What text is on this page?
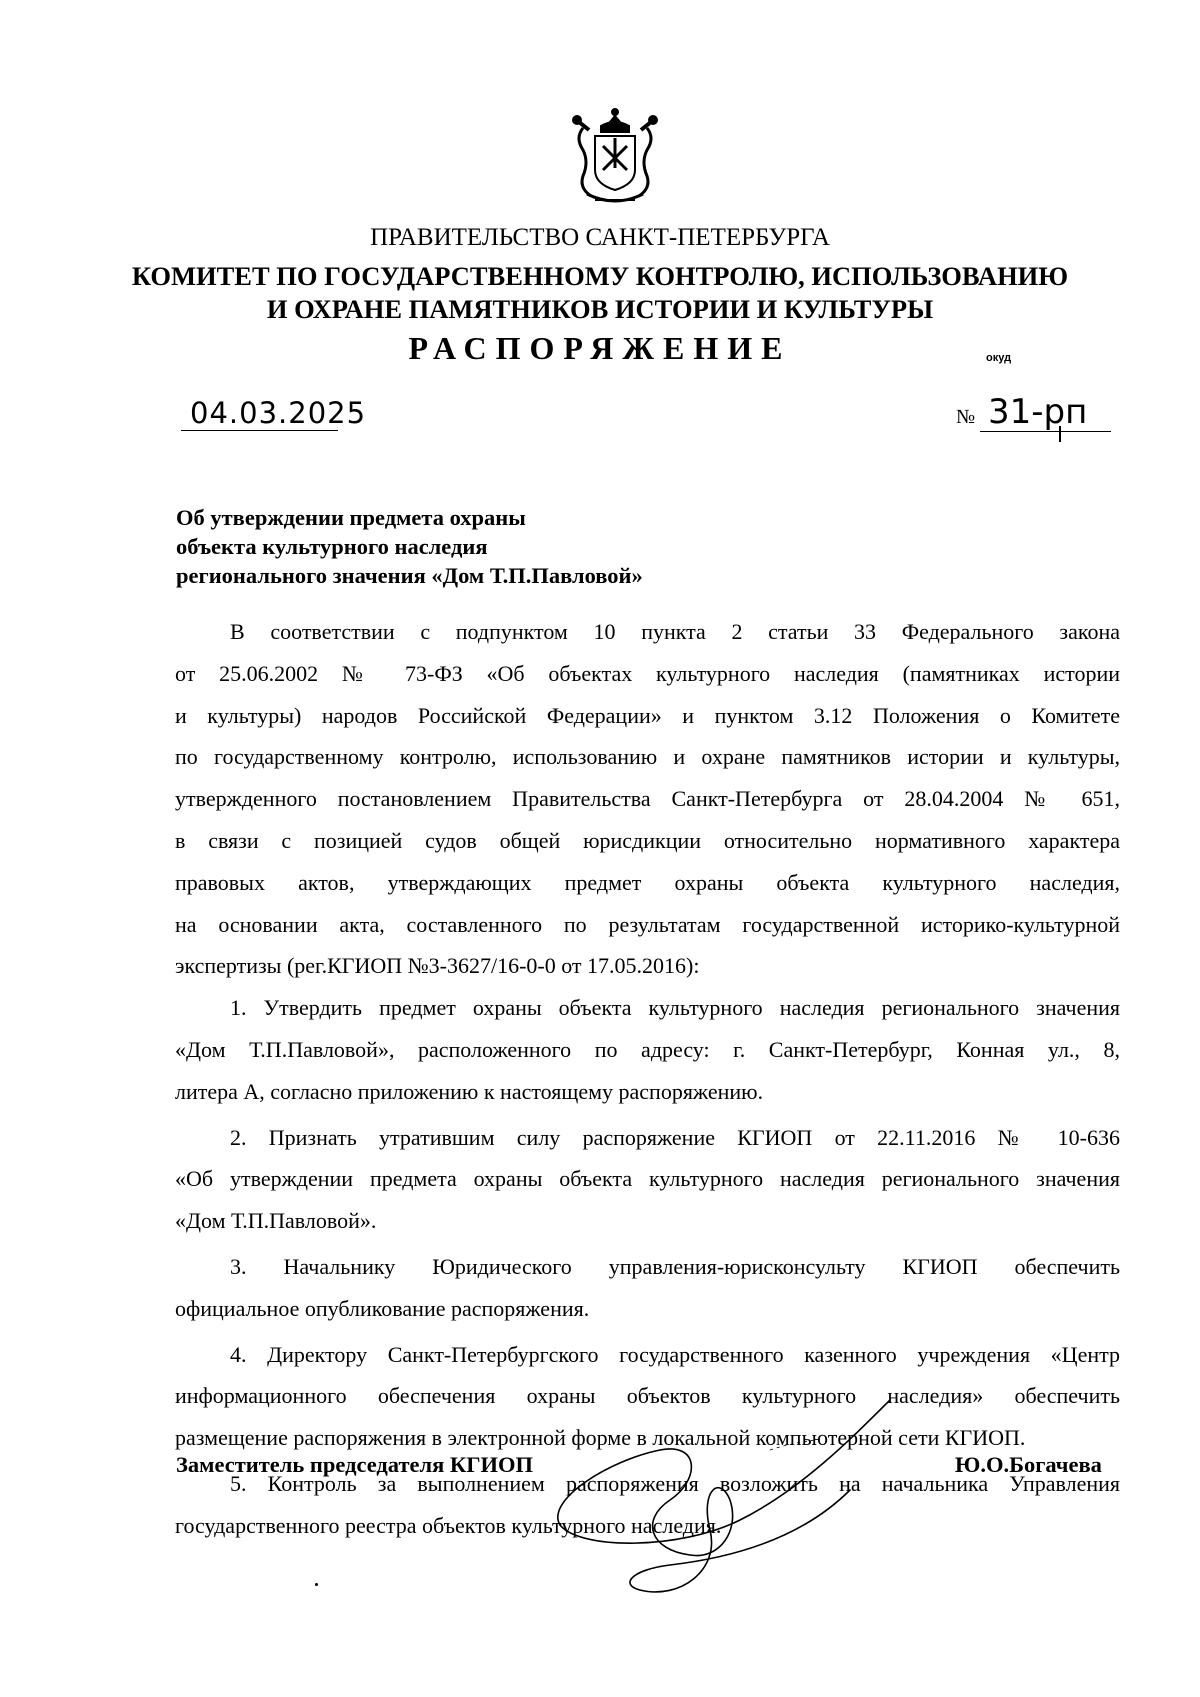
ПРАВИТЕЛЬСТВО САНКТ-ПЕТЕРБУРГА
КОМИТЕТ ПО ГОСУДАРСТВЕННОМУ КОНТРОЛЮ, ИСПОЛЬЗОВАНИЮ
И ОХРАНЕ ПАМЯТНИКОВ ИСТОРИИ И КУЛЬТУРЫ
РАСПОРЯЖЕНИЕ	окуд
04.03.2025	№ 31-рп
Об утверждении предмета охраны
объекта культурного наследия
регионального значения «Дом Т.П.Павловой»
В соответствии с подпунктом 10 пункта 2 статьи 33 Федерального закона
от 25.06.2002 № 73-ФЗ «Об объектах культурного наследия (памятниках истории
и культуры) народов Российской Федерации» и пунктом 3.12 Положения о Комитете
по государственному контролю, использованию и охране памятников истории и культуры,
утвержденного постановлением Правительства Санкт-Петербурга от 28.04.2004 № 651,
в связи с позицией судов общей юрисдикции относительно нормативного характера
правовых актов, утверждающих предмет охраны объекта культурного наследия,
на основании акта, составленного по результатам государственной историко-культурной
экспертизы (рег.КГИОП №3-3627/16-0-0 от 17.05.2016):
1. Утвердить предмет охраны объекта культурного наследия регионального значения
«Дом Т.П.Павловой», расположенного по адресу: г. Санкт-Петербург, Конная ул., 8,
литера А, согласно приложению к настоящему распоряжению.
2. Признать утратившим силу распоряжение КГИОП от 22.11.2016 № 10-636
«Об утверждении предмета охраны объекта культурного наследия регионального значения
«Дом Т.П.Павловой».
3. Начальнику Юридического управления-юрисконсульту КГИОП обеспечить
официальное опубликование распоряжения.
4. Директору Санкт-Петербургского государственного казенного учреждения «Центр
информационного обеспечения охраны объектов культурного наследия» обеспечить
размещение распоряжения в электронной форме в локальной компьютерной сети КГИОП.
5. Контроль за выполнением распоряжения возложить на начальника Управления
государственного реестра объектов культурного наследия.
Заместитель председателя КГИОП	Ю.О.Богачева
